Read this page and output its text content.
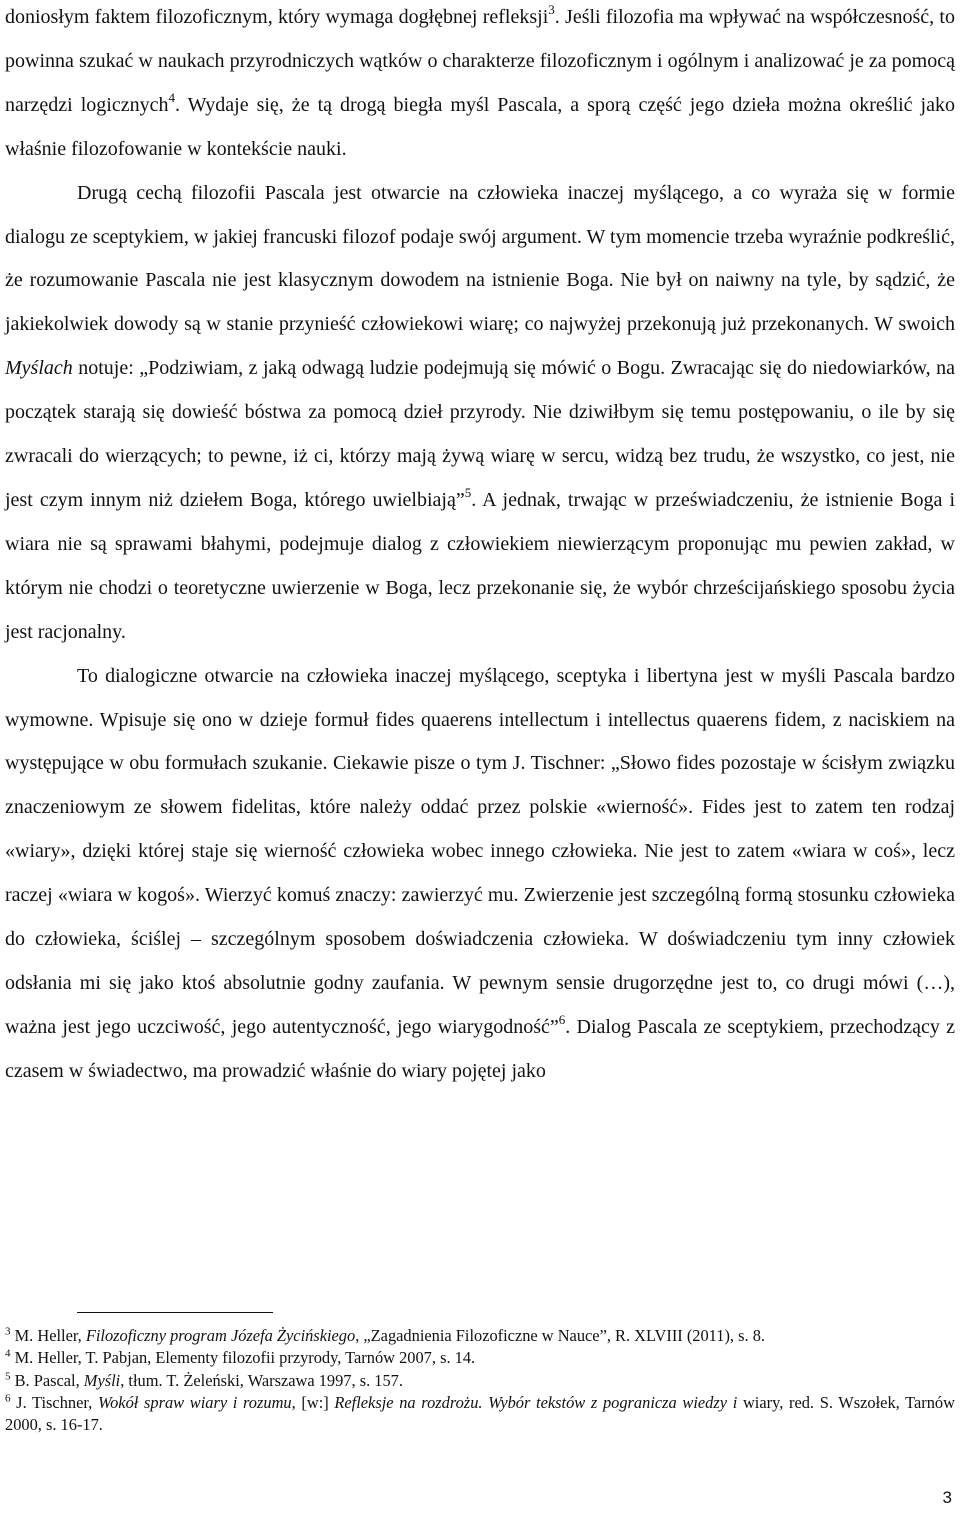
doniosłym faktem filozoficznym, który wymaga dogłębnej refleksji$^3$. Jeśli filozofia ma wpływać na współczesność, to powinna szukać w naukach przyrodniczych wątków o charakterze filozoficznym i ogólnym i analizować je za pomocą narzędzi logicznych$^4$. Wydaje się, że tą drogą biegła myśl Pascala, a sporą część jego dzieła można określić jako właśnie filozofowanie w kontekście nauki.

Drugą cechą filozofii Pascala jest otwarcie na człowieka inaczej myślącego, a co wyraża się w formie dialogu ze sceptykiem, w jakiej francuski filozof podaje swój argument. W tym momencie trzeba wyraźnie podkreślić, że rozumowanie Pascala nie jest klasycznym dowodem na istnienie Boga. Nie był on naiwny na tyle, by sądzić, że jakiekolwiek dowody są w stanie przynieść człowiekowi wiarę; co najwyżej przekonują już przekonanych. W swoich Myślach notuje: „Podziwiam, z jaką odwagą ludzie podejmują się mówić o Bogu. Zwracając się do niedowiarków, na początek starają się dowieść bóstwa za pomocą dzieł przyrody. Nie dziwiłbym się temu postępowaniu, o ile by się zwracali do wierzących; to pewne, iż ci, którzy mają żywą wiarę w sercu, widzą bez trudu, że wszystko, co jest, nie jest czym innym niż dziełem Boga, którego uwielbiają”$^5$. A jednak, trwając w przeświadczeniu, że istnienie Boga i wiara nie są sprawami błahymi, podejmuje dialog z człowiekiem niewierzącym proponując mu pewien zakład, w którym nie chodzi o teoretyczne uwierzenie w Boga, lecz przekonanie się, że wybór chrześcijańskiego sposobu życia jest racjonalny.

To dialogiczne otwarcie na człowieka inaczej myślącego, sceptyka i libertyna jest w myśli Pascala bardzo wymowne. Wpisuje się ono w dzieje formuł fides quaerens intellectum i intellectus quaerens fidem, z naciskiem na występujące w obu formułach szukanie. Ciekawie pisze o tym J. Tischner: „Słowo fides pozostaje w ścisłym związku znaczeniowym ze słowem fidelitas, które należy oddać przez polskie «wierność». Fides jest to zatem ten rodzaj «wiary», dzięki której staje się wierność człowieka wobec innego człowieka. Nie jest to zatem «wiara w coś», lecz raczej «wiara w kogoś». Wierzyć komuś znaczy: zawierzyć mu. Zwierzenie jest szczególną formą stosunku człowieka do człowieka, ściślej – szczególnym sposobem doświadczenia człowieka. W doświadczeniu tym inny człowiek odsłania mi się jako ktoś absolutnie godny zaufania. W pewnym sensie drugorzędne jest to, co drugi mówi (…), ważna jest jego uczciwość, jego autentyczność, jego wiarygodność”$^6$. Dialog Pascala ze sceptykiem, przechodzący z czasem w świadectwo, ma prowadzić właśnie do wiary pojętej jako

$^3$ M. Heller, Filozoficzny program Józefa Życińskiego, „Zagadnienia Filozoficzne w Nauce”, R. XLVIII (2011), s. 8.

$^4$ M. Heller, T. Pabjan, Elementy filozofii przyrody, Tarnów 2007, s. 14.

$^5$ B. Pascal, Myśli, tłum. T. Żeleński, Warszawa 1997, s. 157.

$^6$ J. Tischner, Wokół spraw wiary i rozumu, [w:] Refleksje na rozdrożu. Wybór tekstów z pogranicza wiedzy i wiary, red. S. Wszołek, Tarnów 2000, s. 16-17.

3
